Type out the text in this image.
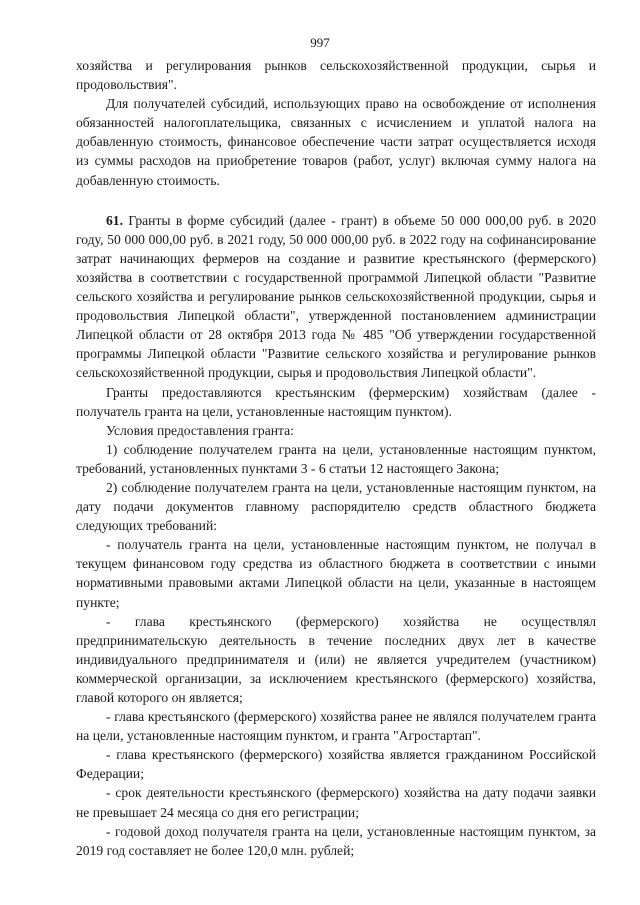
997

хозяйства и регулирования рынков сельскохозяйственной продукции, сырья и продовольствия".

Для получателей субсидий, использующих право на освобождение от исполнения обязанностей налогоплательщика, связанных с исчислением и уплатой налога на добавленную стоимость, финансовое обеспечение части затрат осуществляется исходя из суммы расходов на приобретение товаров (работ, услуг) включая сумму налога на добавленную стоимость.

61. Гранты в форме субсидий (далее - грант) в объеме 50 000 000,00 руб. в 2020 году, 50 000 000,00 руб. в 2021 году, 50 000 000,00 руб. в 2022 году на софинансирование затрат начинающих фермеров на создание и развитие крестьянского (фермерского) хозяйства в соответствии с государственной программой Липецкой области "Развитие сельского хозяйства и регулирование рынков сельскохозяйственной продукции, сырья и продовольствия Липецкой области", утвержденной постановлением администрации Липецкой области от 28 октября 2013 года № 485 "Об утверждении государственной программы Липецкой области "Развитие сельского хозяйства и регулирование рынков сельскохозяйственной продукции, сырья и продовольствия Липецкой области".

Гранты предоставляются крестьянским (фермерским) хозяйствам (далее - получатель гранта на цели, установленные настоящим пунктом).

Условия предоставления гранта:

1) соблюдение получателем гранта на цели, установленные настоящим пунктом, требований, установленных пунктами 3 - 6 статьи 12 настоящего Закона;

2) соблюдение получателем гранта на цели, установленные настоящим пунктом, на дату подачи документов главному распорядителю средств областного бюджета следующих требований:

- получатель гранта на цели, установленные настоящим пунктом, не получал в текущем финансовом году средства из областного бюджета в соответствии с иными нормативными правовыми актами Липецкой области на цели, указанные в настоящем пункте;

- глава крестьянского (фермерского) хозяйства не осуществлял предпринимательскую деятельность в течение последних двух лет в качестве индивидуального предпринимателя и (или) не является учредителем (участником) коммерческой организации, за исключением крестьянского (фермерского) хозяйства, главой которого он является;

- глава крестьянского (фермерского) хозяйства ранее не являлся получателем гранта на цели, установленные настоящим пунктом, и гранта "Агростартап".

- глава крестьянского (фермерского) хозяйства является гражданином Российской Федерации;

- срок деятельности крестьянского (фермерского) хозяйства на дату подачи заявки не превышает 24 месяца со дня его регистрации;

- годовой доход получателя гранта на цели, установленные настоящим пунктом, за 2019 год составляет не более 120,0 млн. рублей;
